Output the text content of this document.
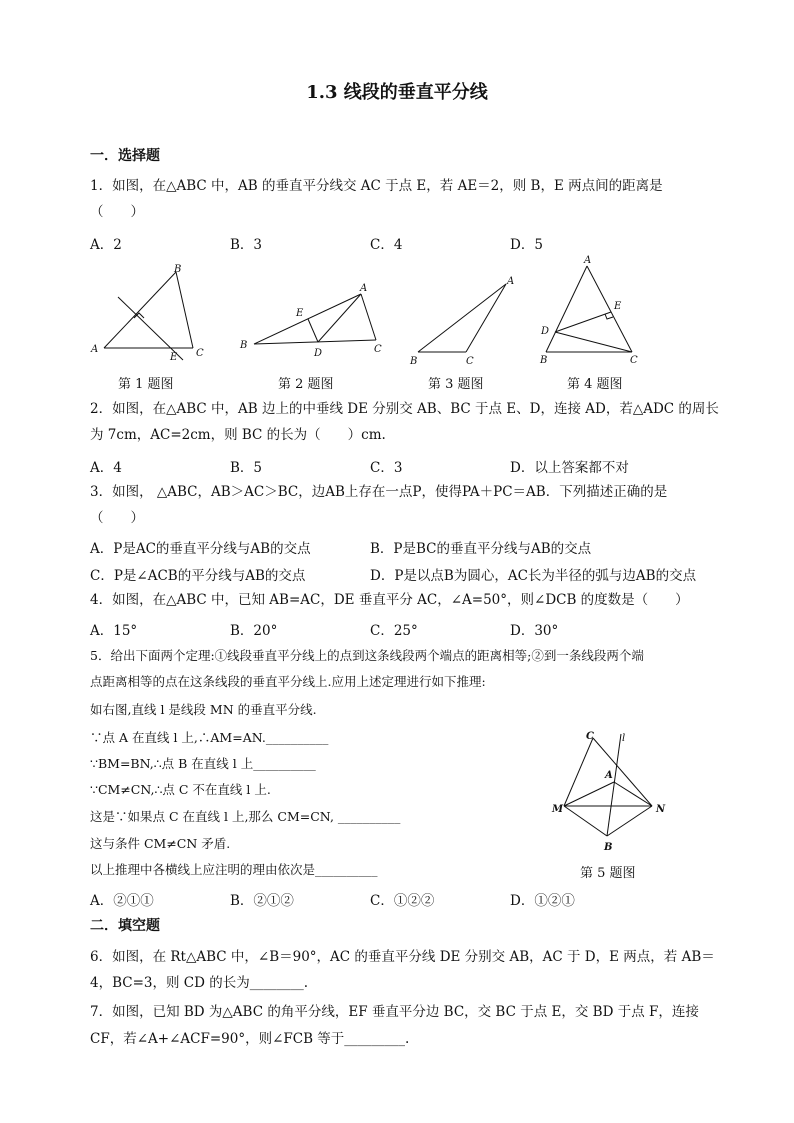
1.3 线段的垂直平分线
一．选择题
1．如图，在△ABC 中，AB 的垂直平分线交 AC 于点 E，若 AE＝2，则 B，E 两点间的距离是
（　　）
A．2	B．3	C．4	D．5
A
B
E C
第 1 题图
A
E
B
D	C
第 2 题图
A
B	C
第 3 题图
A
E
D
B	C
第 4 题图
2．如图，在△ABC 中，AB 边上的中垂线 DE 分别交 AB、BC 于点 E、D，连接 AD，若△ADC 的周长
为 7cm，AC=2cm，则 BC 的长为（　　）cm.
A．4	B．5	C．3	D．以上答案都不对
3．如图， △ABC，AB＞AC＞BC，边AB上存在一点P，使得PA＋PC＝AB．下列描述正确的是
（　　）
A．P是AC的垂直平分线与AB的交点	B．P是BC的垂直平分线与AB的交点
C．P是∠ACB的平分线与AB的交点	D．P是以点B为圆心，AC长为半径的弧与边AB的交点
4．如图，在△ABC 中，已知 AB=AC，DE 垂直平分 AC，∠A=50°，则∠DCB 的度数是（　　）
A．15°	B．20°	C．25°	D．30°
5．给出下面两个定理:①线段垂直平分线上的点到这条线段两个端点的距离相等;②到一条线段两个端
点距离相等的点在这条线段的垂直平分线上.应用上述定理进行如下推理:
如右图,直线 l 是线段 MN 的垂直平分线.
∵点 A 在直线 l 上,∴AM=AN.__________
∵BM=BN,∴点 B 在直线 l 上__________
∵CM≠CN,∴点 C 不在直线 l 上.
这是∵如果点 C 在直线 l 上,那么 CM=CN, __________
这与条件 CM≠CN 矛盾.
以上推理中各横线上应注明的理由依次是__________
A．②①①	B．②①②	C．①②②	D．①②①
C	l
A
M	N
B
第 5 题图
二．填空题
6．如图，在 Rt△ABC 中，∠B＝90°，AC 的垂直平分线 DE 分别交 AB，AC 于 D，E 两点，若 AB＝
4，BC=3，则 CD 的长为________.
7．如图，已知 BD 为△ABC 的角平分线，EF 垂直平分边 BC，交 BC 于点 E，交 BD 于点 F，连接
CF，若∠A+∠ACF=90°，则∠FCB 等于_________.
